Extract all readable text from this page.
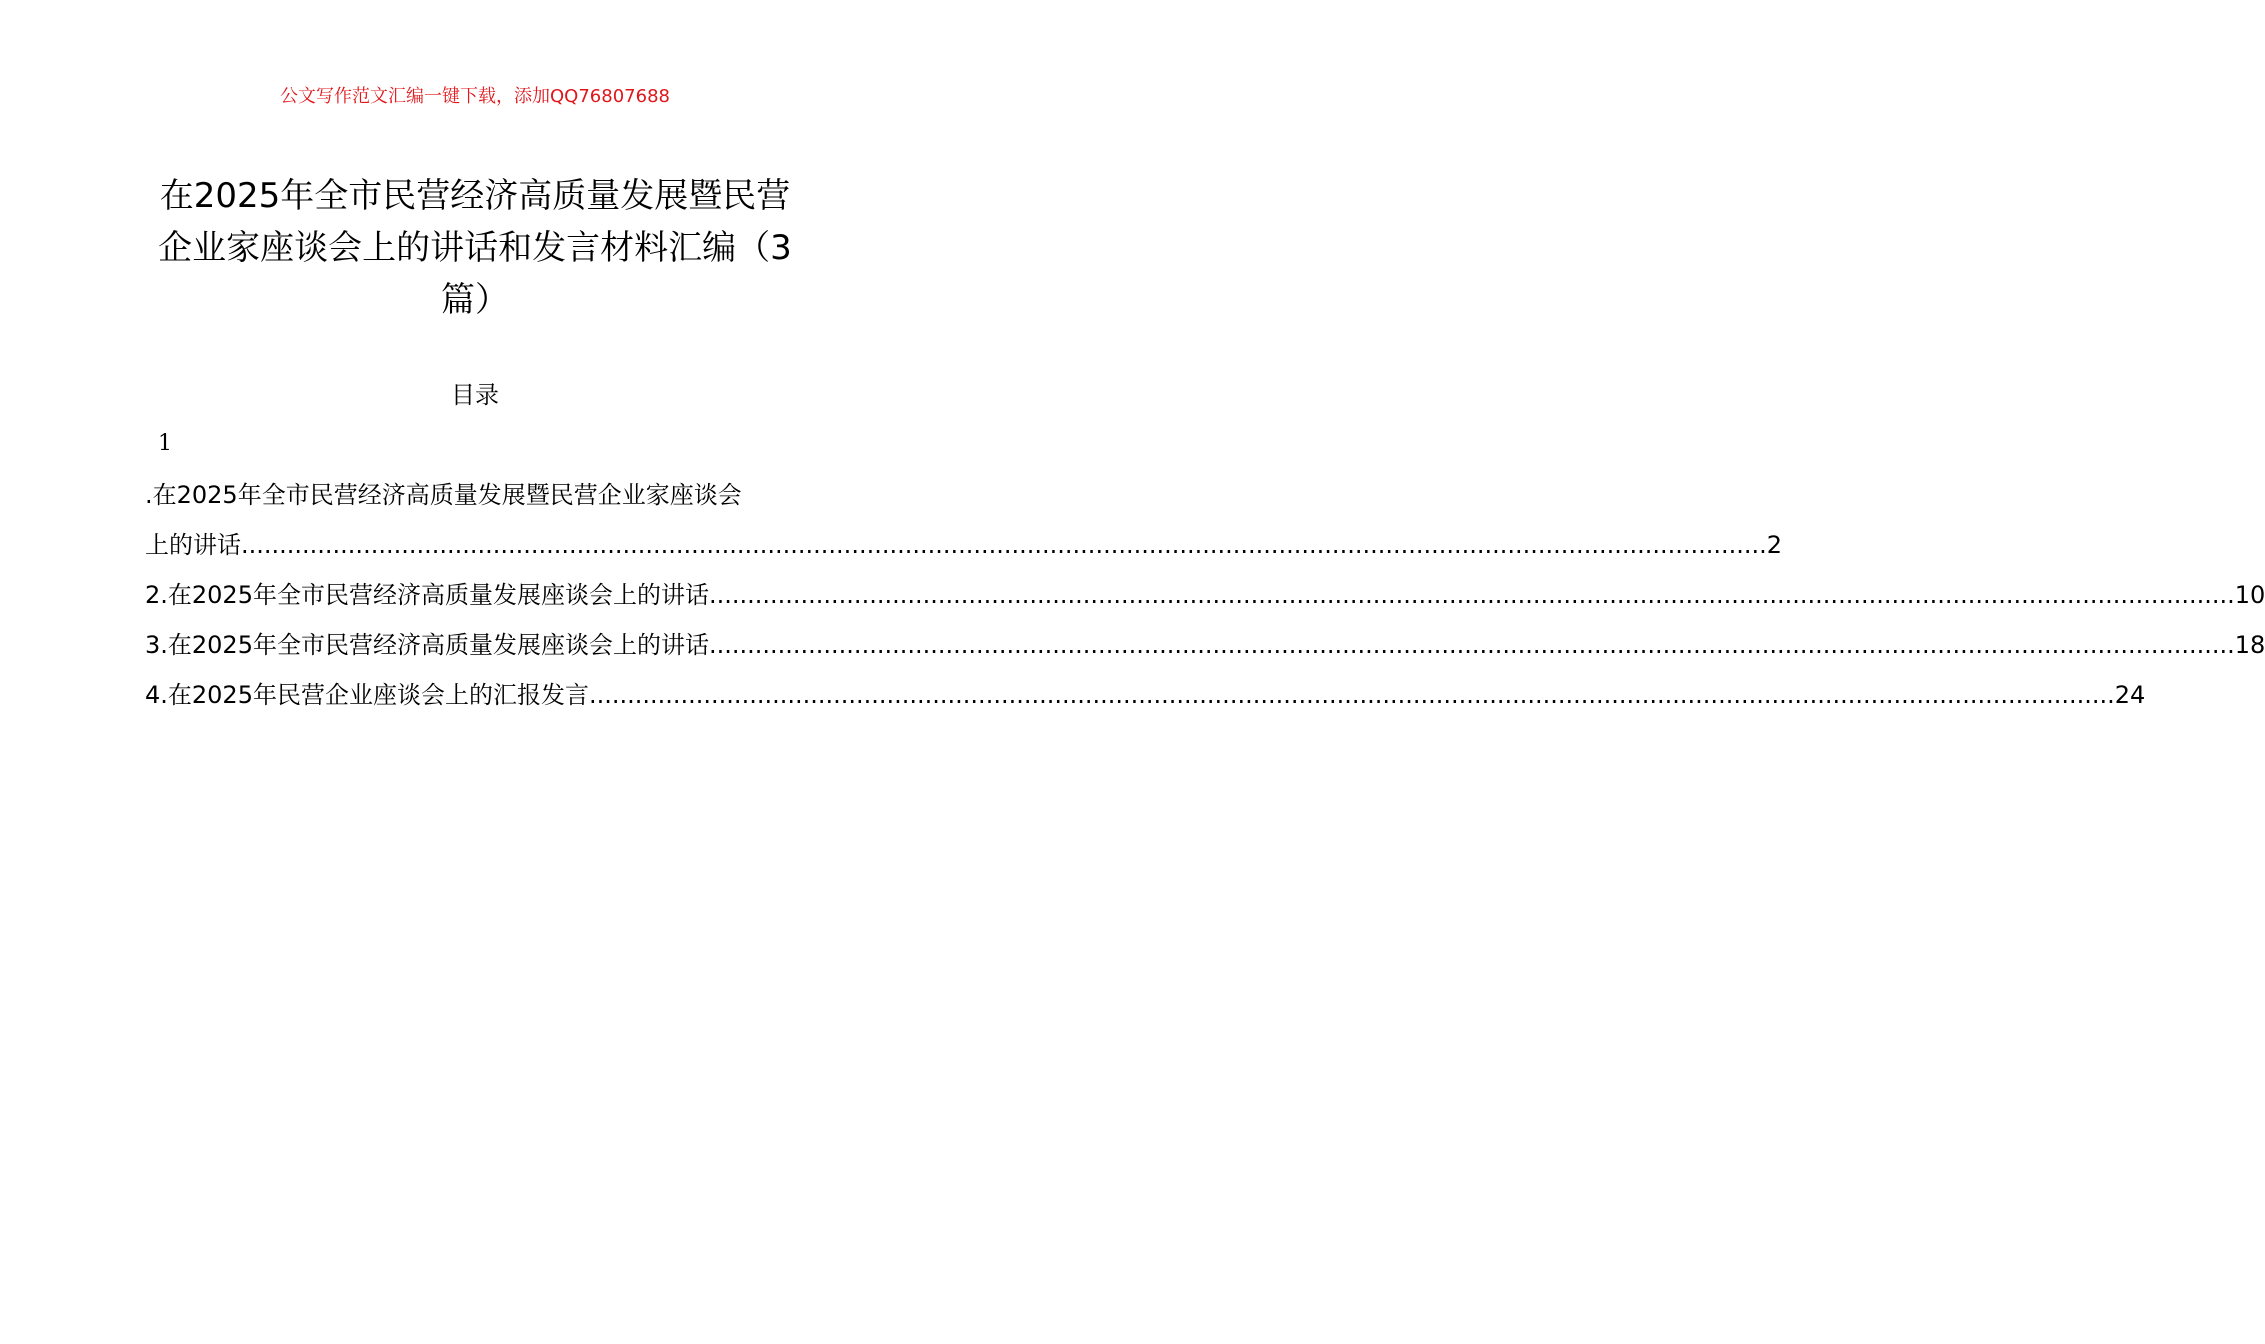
公文写作范文汇编一键下载，添加QQ76807688
在2025年全市民营经济高质量发展暨民营
企业家座谈会上的讲话和发言材料汇编（3
篇）
目录
1
.在2025年全市民营经济高质量发展暨民营企业家座谈会
上的讲话 ........................................................................................................................................................................................................ 2
2.在2025年全市民营经济高质量发展座谈会上的讲话 ........................................................................................................................................................................................................ 10
3.在2025年全市民营经济高质量发展座谈会上的讲话 ........................................................................................................................................................................................................ 18
4.在2025年民营企业座谈会上的汇报发言 ........................................................................................................................................................................................................ 24
